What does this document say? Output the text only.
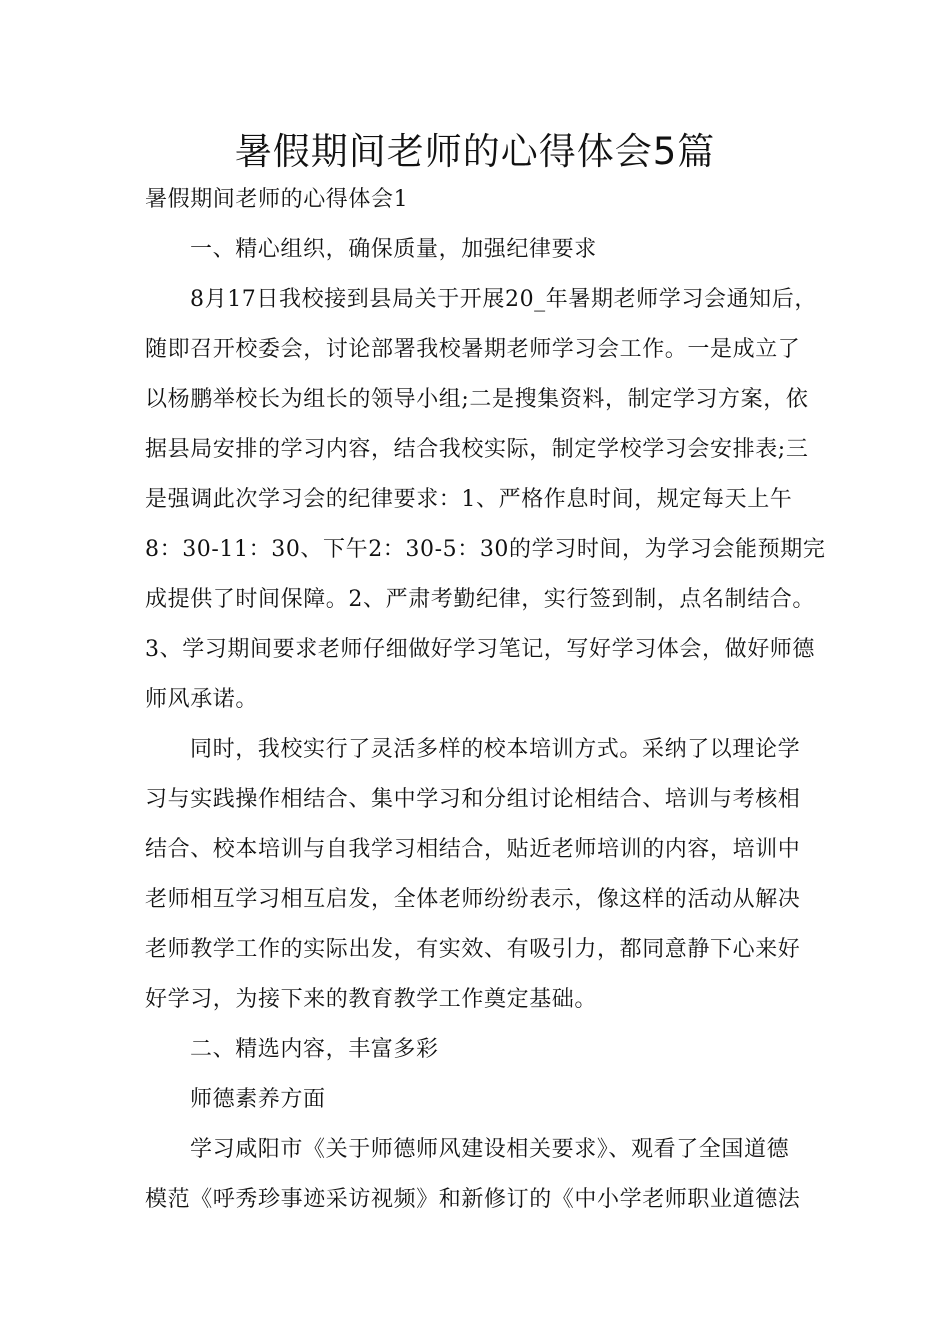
暑假期间老师的心得体会5篇

暑假期间老师的心得体会1

一、精心组织，确保质量，加强纪律要求

8月17日我校接到县局关于开展20_年暑期老师学习会通知后，

随即召开校委会，讨论部署我校暑期老师学习会工作。一是成立了

以杨鹏举校长为组长的领导小组;二是搜集资料，制定学习方案，依

据县局安排的学习内容，结合我校实际，制定学校学习会安排表;三

是强调此次学习会的纪律要求：1、严格作息时间，规定每天上午

8：30-11：30、下午2：30-5：30的学习时间，为学习会能预期完

成提供了时间保障。2、严肃考勤纪律，实行签到制，点名制结合。

3、学习期间要求老师仔细做好学习笔记，写好学习体会，做好师德

师风承诺。

同时，我校实行了灵活多样的校本培训方式。采纳了以理论学

习与实践操作相结合、集中学习和分组讨论相结合、培训与考核相

结合、校本培训与自我学习相结合，贴近老师培训的内容，培训中

老师相互学习相互启发，全体老师纷纷表示，像这样的活动从解决

老师教学工作的实际出发，有实效、有吸引力，都同意静下心来好

好学习，为接下来的教育教学工作奠定基础。

二、精选内容，丰富多彩

师德素养方面

学习咸阳市《关于师德师风建设相关要求》、观看了全国道德

模范《呼秀珍事迹采访视频》和新修订的《中小学老师职业道德法
